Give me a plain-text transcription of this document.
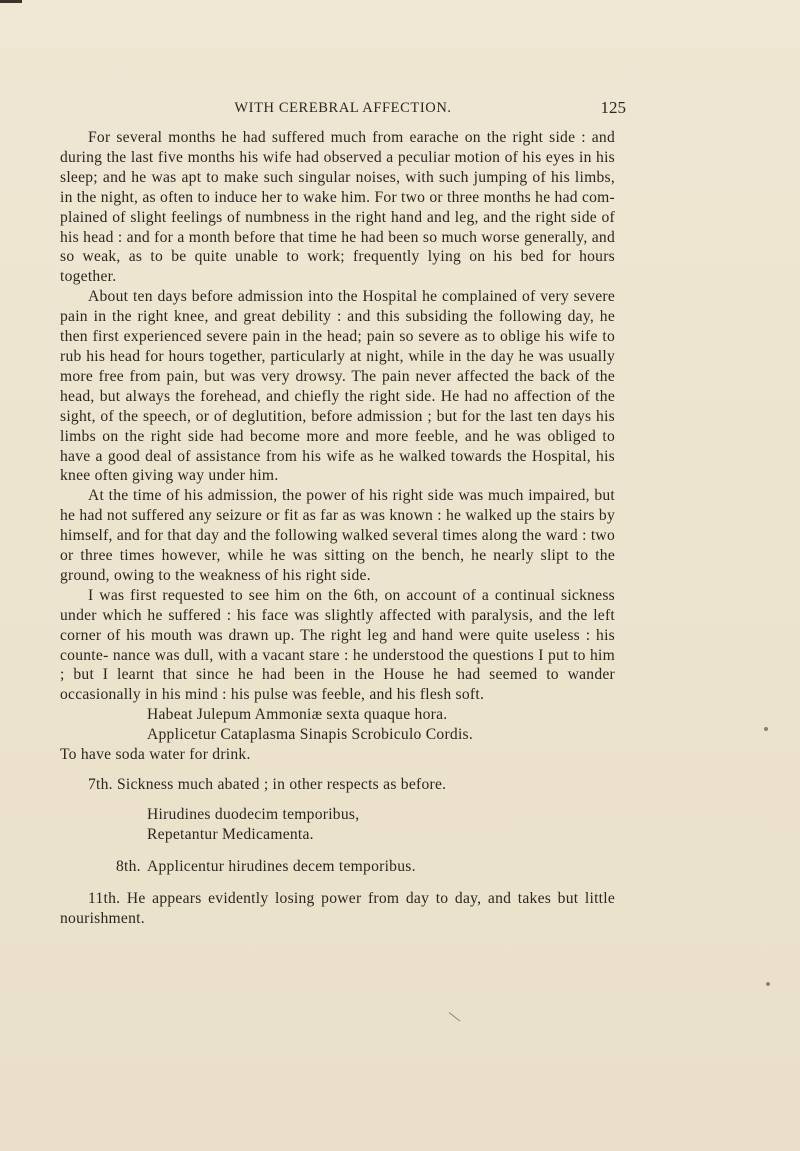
WITH CEREBRAL AFFECTION.	125

For several months he had suffered much from earache on the right side : and during the last five months his wife had observed a peculiar motion of his eyes in his sleep; and he was apt to make such singular noises, with such jumping of his limbs, in the night, as often to induce her to wake him. For two or three months he had com- plained of slight feelings of numbness in the right hand and leg, and the right side of his head : and for a month before that time he had been so much worse generally, and so weak, as to be quite unable to work; frequently lying on his bed for hours together.

About ten days before admission into the Hospital he complained of very severe pain in the right knee, and great debility : and this subsiding the following day, he then first experienced severe pain in the head; pain so severe as to oblige his wife to rub his head for hours together, particularly at night, while in the day he was usually more free from pain, but was very drowsy. The pain never affected the back of the head, but always the forehead, and chiefly the right side. He had no affection of the sight, of the speech, or of deglutition, before admission ; but for the last ten days his limbs on the right side had become more and more feeble, and he was obliged to have a good deal of assistance from his wife as he walked towards the Hospital, his knee often giving way under him.

At the time of his admission, the power of his right side was much impaired, but he had not suffered any seizure or fit as far as was known : he walked up the stairs by himself, and for that day and the following walked several times along the ward : two or three times however, while he was sitting on the bench, he nearly slipt to the ground, owing to the weakness of his right side.

I was first requested to see him on the 6th, on account of a continual sickness under which he suffered : his face was slightly affected with paralysis, and the left corner of his mouth was drawn up. The right leg and hand were quite useless : his counte- nance was dull, with a vacant stare : he understood the questions I put to him ; but I learnt that since he had been in the House he had seemed to wander occasionally in his mind : his pulse was feeble, and his flesh soft.

Habeat Julepum Ammoniæ sexta quaque hora.
Applicetur Cataplasma Sinapis Scrobiculo Cordis.
To have soda water for drink.
7th. Sickness much abated ; in other respects as before.
Hirudines duodecim temporibus,
Repetantur Medicamenta.
8th. Applicentur hirudines decem temporibus.

11th. He appears evidently losing power from day to day, and takes but little nourishment.
